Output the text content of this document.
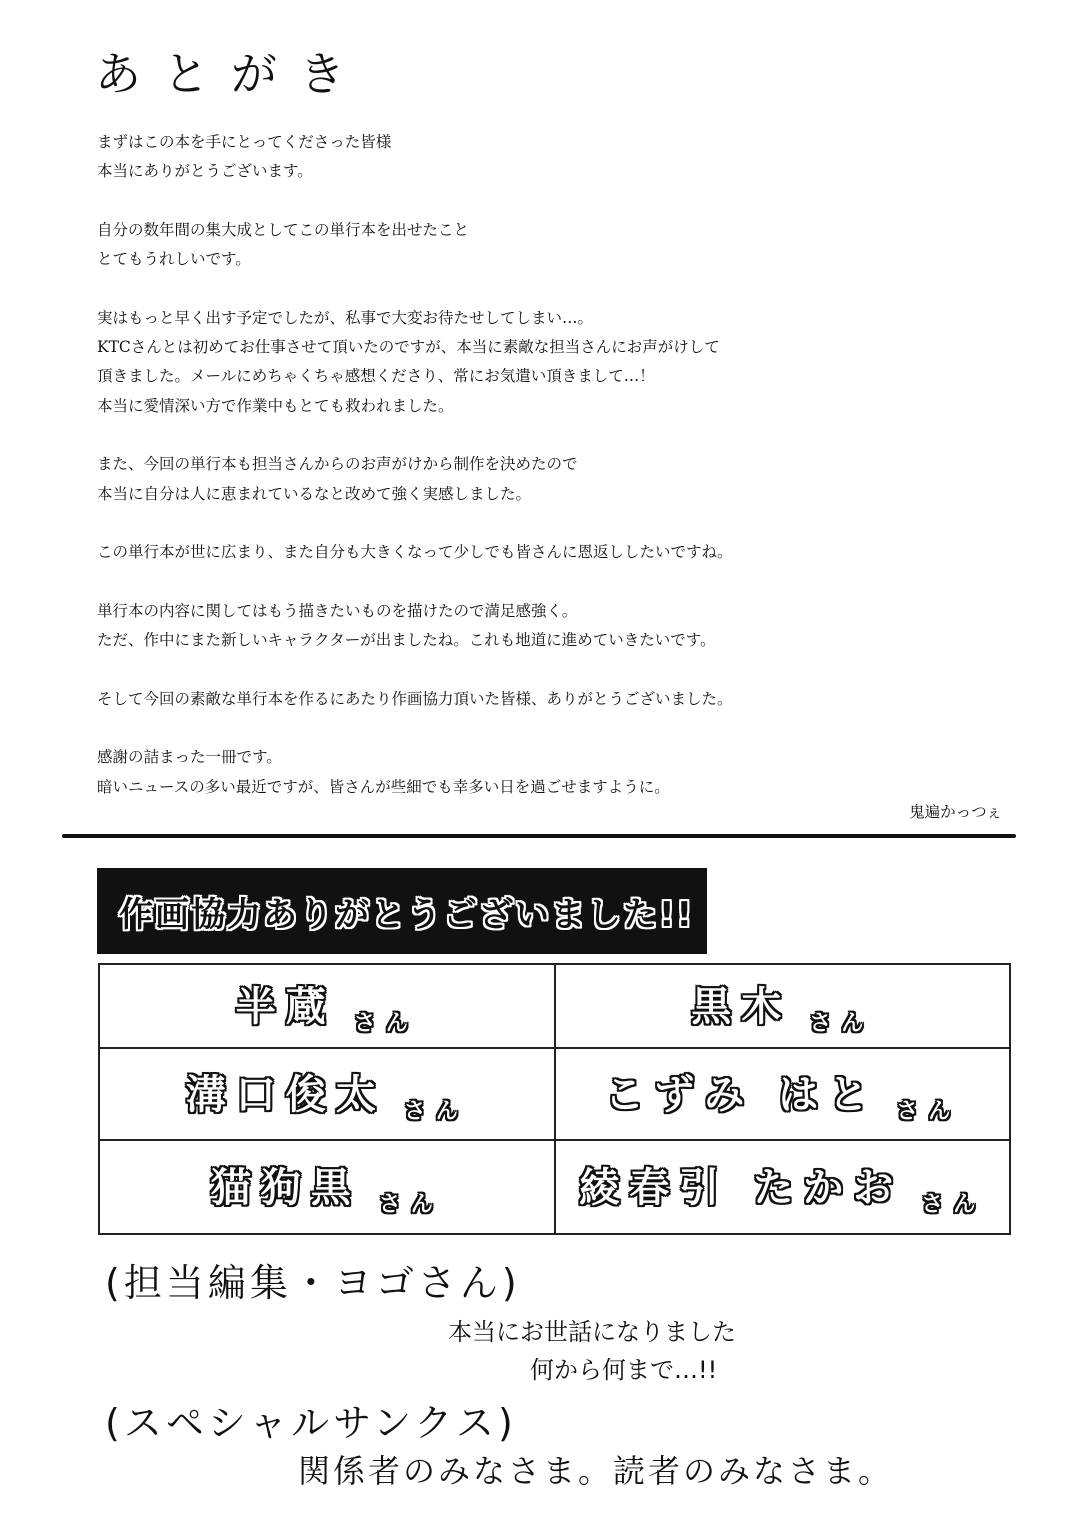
あとがき
まずはこの本を手にとってくださった皆様
本当にありがとうございます。
自分の数年間の集大成としてこの単行本を出せたこと
とてもうれしいです。
実はもっと早く出す予定でしたが、私事で大変お待たせしてしまい…。
KTCさんとは初めてお仕事させて頂いたのですが、本当に素敵な担当さんにお声がけして
頂きました。メールにめちゃくちゃ感想くださり、常にお気遣い頂きまして…！
本当に愛情深い方で作業中もとても救われました。
また、今回の単行本も担当さんからのお声がけから制作を決めたので
本当に自分は人に恵まれているなと改めて強く実感しました。
この単行本が世に広まり、また自分も大きくなって少しでも皆さんに恩返ししたいですね。
単行本の内容に関してはもう描きたいものを描けたので満足感強く。
ただ、作中にまた新しいキャラクターが出ましたね。これも地道に進めていきたいです。
そして今回の素敵な単行本を作るにあたり作画協力頂いた皆様、ありがとうございました。
感謝の詰まった一冊です。
暗いニュースの多い最近ですが、皆さんが些細でも幸多い日を過ごせますように。
鬼遍かっつぇ
作画協力ありがとうございました!!
半蔵 $_{さん}$	黒木 $_{さん}$
溝口俊太 $_{さん}$	こずみ はと $_{さん}$
猫狗黒 $_{さん}$	綾春引 たかお $_{さん}$
(担当編集・ヨゴさん)
本当にお世話になりました
何から何まで…!!
(スペシャルサンクス)
関係者のみなさま。読者のみなさま。
